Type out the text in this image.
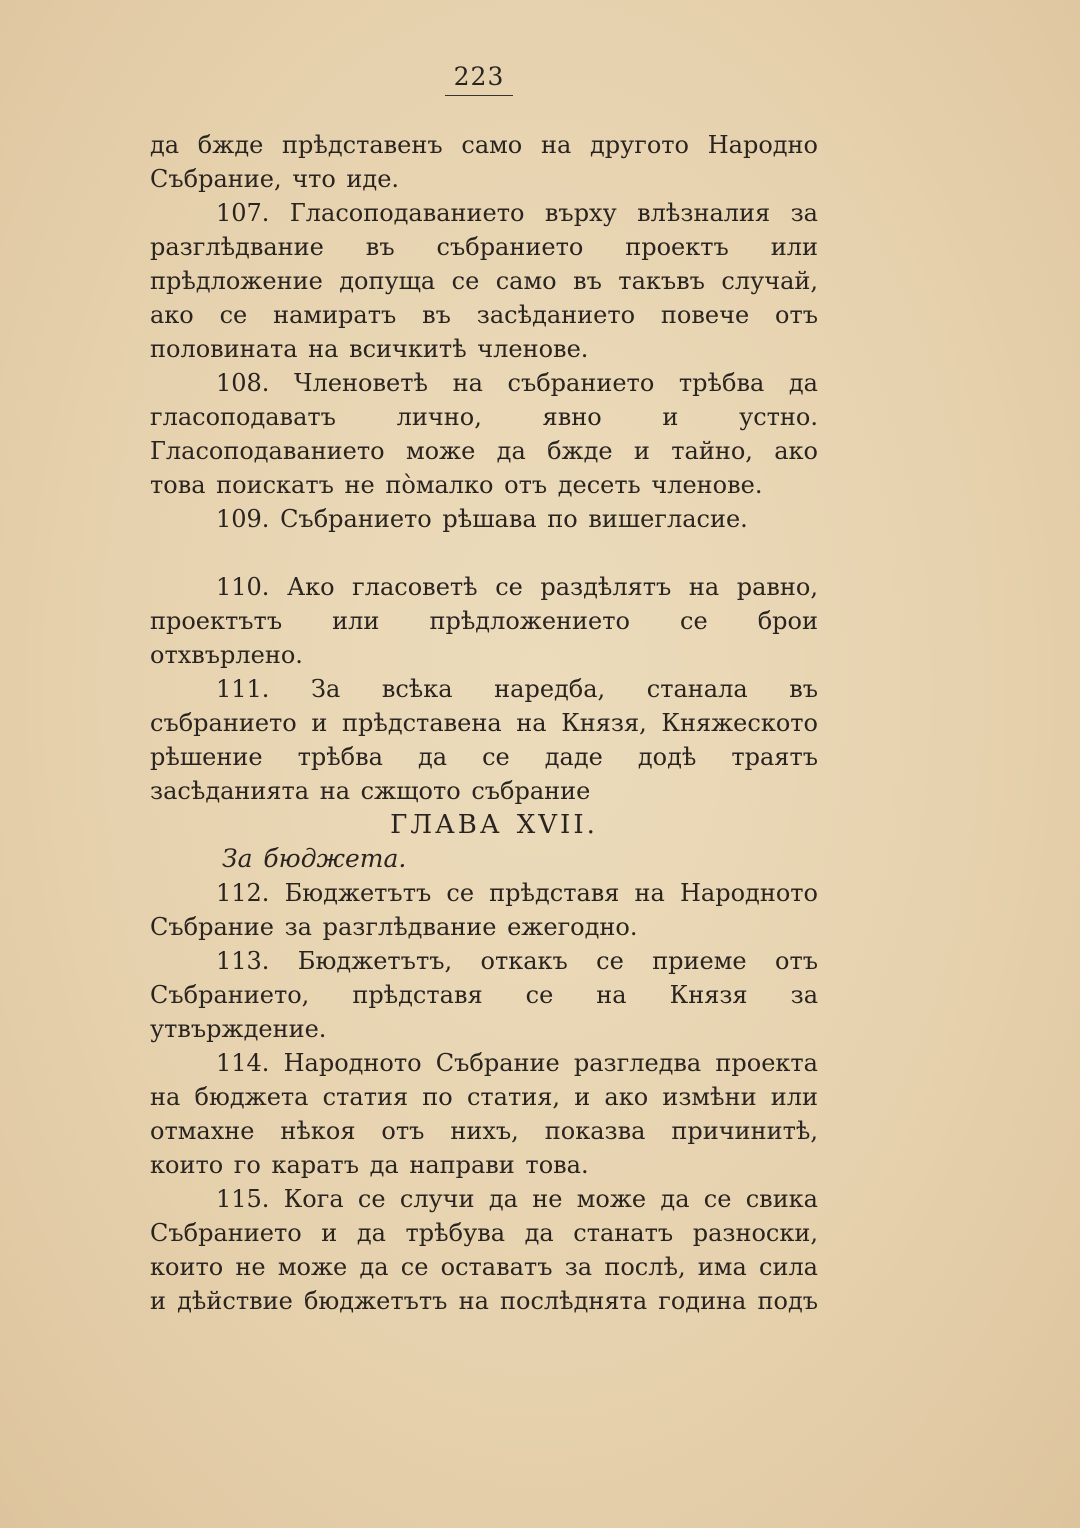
223

да бжде прѣдставенъ само на другото Народно Събрание, что иде.

107. Гласоподаванието върху влѣзналия за разглѣдвание въ събранието проектъ или прѣдложение допуща се само въ такъвъ случай, ако се намиратъ въ засѣданието повече отъ половината на всичкитѣ членове.

108. Членоветѣ на събранието трѣбва да гласоподаватъ лично, явно и устно. Гласоподаванието може да бжде и тайно, ако това поискатъ не по̀малко отъ десеть членове.

109. Събранието рѣшава по вишегласие.

110. Ако гласоветѣ се раздѣлятъ на равно, проектътъ или прѣдложението се брои отхвърлено.

111. За всѣка наредба, станала въ събранието и прѣдставена на Князя, Княжеското рѣшение трѣбва да се даде додѣ траятъ засѣданията на сжщото събрание

ГЛАВА XVII.

За бюджета.

112. Бюджетътъ се прѣдставя на Народното Събрание за разглѣдвание ежегодно.

113. Бюджетътъ, откакъ се приеме отъ Събранието, прѣдставя се на Князя за утвърждение.

114. Народното Събрание разгледва проекта на бюджета статия по статия, и ако измѣни или отмахне нѣкоя отъ нихъ, показва причинитѣ, които го каратъ да направи това.

115. Кога се случи да не може да се свика Събранието и да трѣбува да станатъ разноски, които не може да се оставатъ за послѣ, има сила и дѣйствие бюджетътъ на послѣднята година подъ
